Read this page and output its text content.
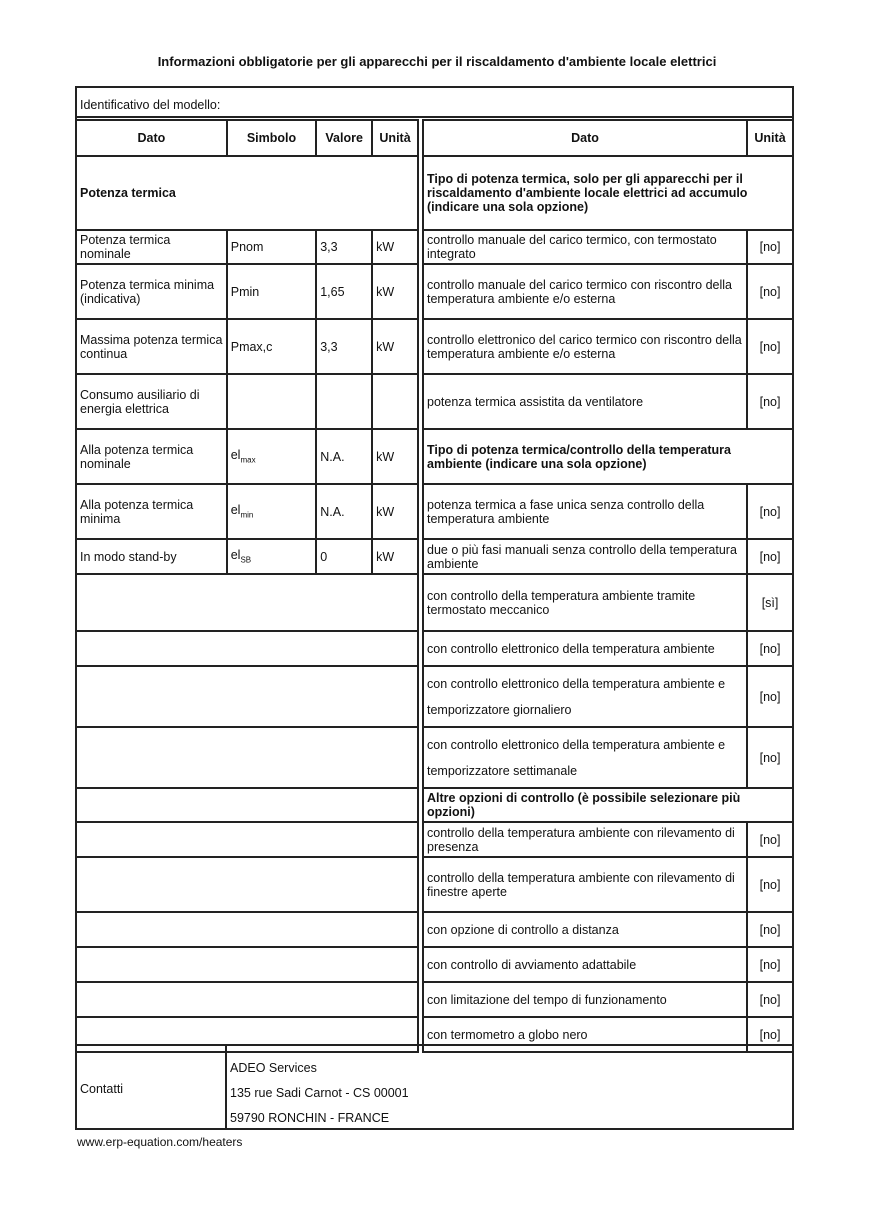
Informazioni obbligatorie per gli apparecchi per il riscaldamento d'ambiente locale elettrici
Identificativo del modello:
Dato	Simbolo	Valore	Unità
Potenza termica			
Potenza termica nominale	Pnom	3,3	kW
Potenza termica minima (indicativa)	Pmin	1,65	kW
Massima potenza termica continua	Pmax,c	3,3	kW
Consumo ausiliario di energia elettrica			
Alla potenza termica nominale	$el_{max}$	N.A.	kW
Alla potenza termica minima	$el_{min}$	N.A.	kW
In modo stand-by	$el_{SB}$	0	kW

Dato	Unità
Tipo di potenza termica, solo per gli apparecchi per il riscaldamento d'ambiente locale elettrici ad accumulo (indicare una sola opzione)	
controllo manuale del carico termico, con termostato integrato	[no]
controllo manuale del carico termico con riscontro della temperatura ambiente e/o esterna	[no]
controllo elettronico del carico termico con riscontro della temperatura ambiente e/o esterna	[no]
potenza termica assistita da ventilatore	[no]
Tipo di potenza termica/controllo della temperatura ambiente (indicare una sola opzione)	
potenza termica a fase unica senza controllo della temperatura ambiente	[no]
due o più fasi manuali senza controllo della temperatura ambiente	[no]
con controllo della temperatura ambiente tramite termostato meccanico	[sì]
con controllo elettronico della temperatura ambiente	[no]
con controllo elettronico della temperatura ambiente e temporizzatore giornaliero	[no]
con controllo elettronico della temperatura ambiente e temporizzatore settimanale	[no]
Altre opzioni di controllo (è possibile selezionare più opzioni)	
controllo della temperatura ambiente con rilevamento di presenza	[no]
controllo della temperatura ambiente con rilevamento di finestre aperte	[no]
con opzione di controllo a distanza	[no]
con controllo di avviamento adattabile	[no]
con limitazione del tempo di funzionamento	[no]
con termometro a globo nero	[no]
Contatti
ADEO Services
135 rue Sadi Carnot - CS 00001
59790 RONCHIN - FRANCE
www.erp-equation.com/heaters
